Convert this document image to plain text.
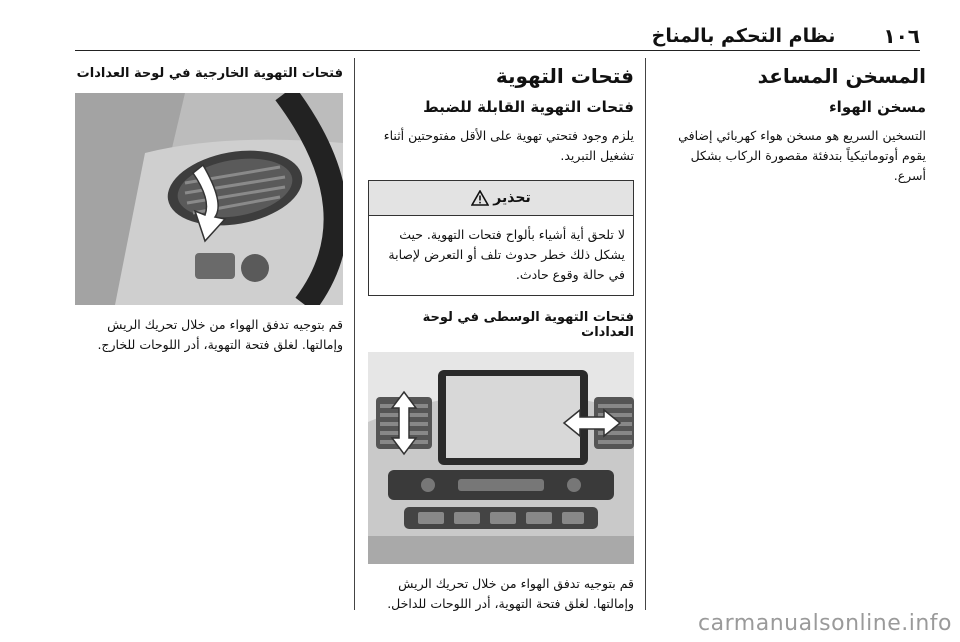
١٠٦
نظام التحكم بالمناخ
المسخن المساعد
مسخن الهواء

التسخين السريع هو مسخن هواء كهربائي إضافي يقوم أوتوماتيكياً بتدفئة مقصورة الركاب بشكل أسرع.

فتحات التهوية
فتحات التهوية القابلة للضبط

يلزم وجود فتحتي تهوية على الأقل مفتوحتين أثناء تشغيل التبريد.

تحذير
لا تلحق أية أشياء بألواح فتحات التهوية. حيث يشكل ذلك خطر حدوث تلف أو التعرض لإصابة في حالة وقوع حادث.
فتحات التهوية الوسطى في لوحة العدادات

قم بتوجيه تدفق الهواء من خلال تحريك الريش وإمالتها. لغلق فتحة التهوية، أدر اللوحات للداخل.

فتحات التهوية الخارجية في لوحة العدادات

قم بتوجيه تدفق الهواء من خلال تحريك الريش وإمالتها. لغلق فتحة التهوية، أدر اللوحات للخارج.

carmanualsonline.info
